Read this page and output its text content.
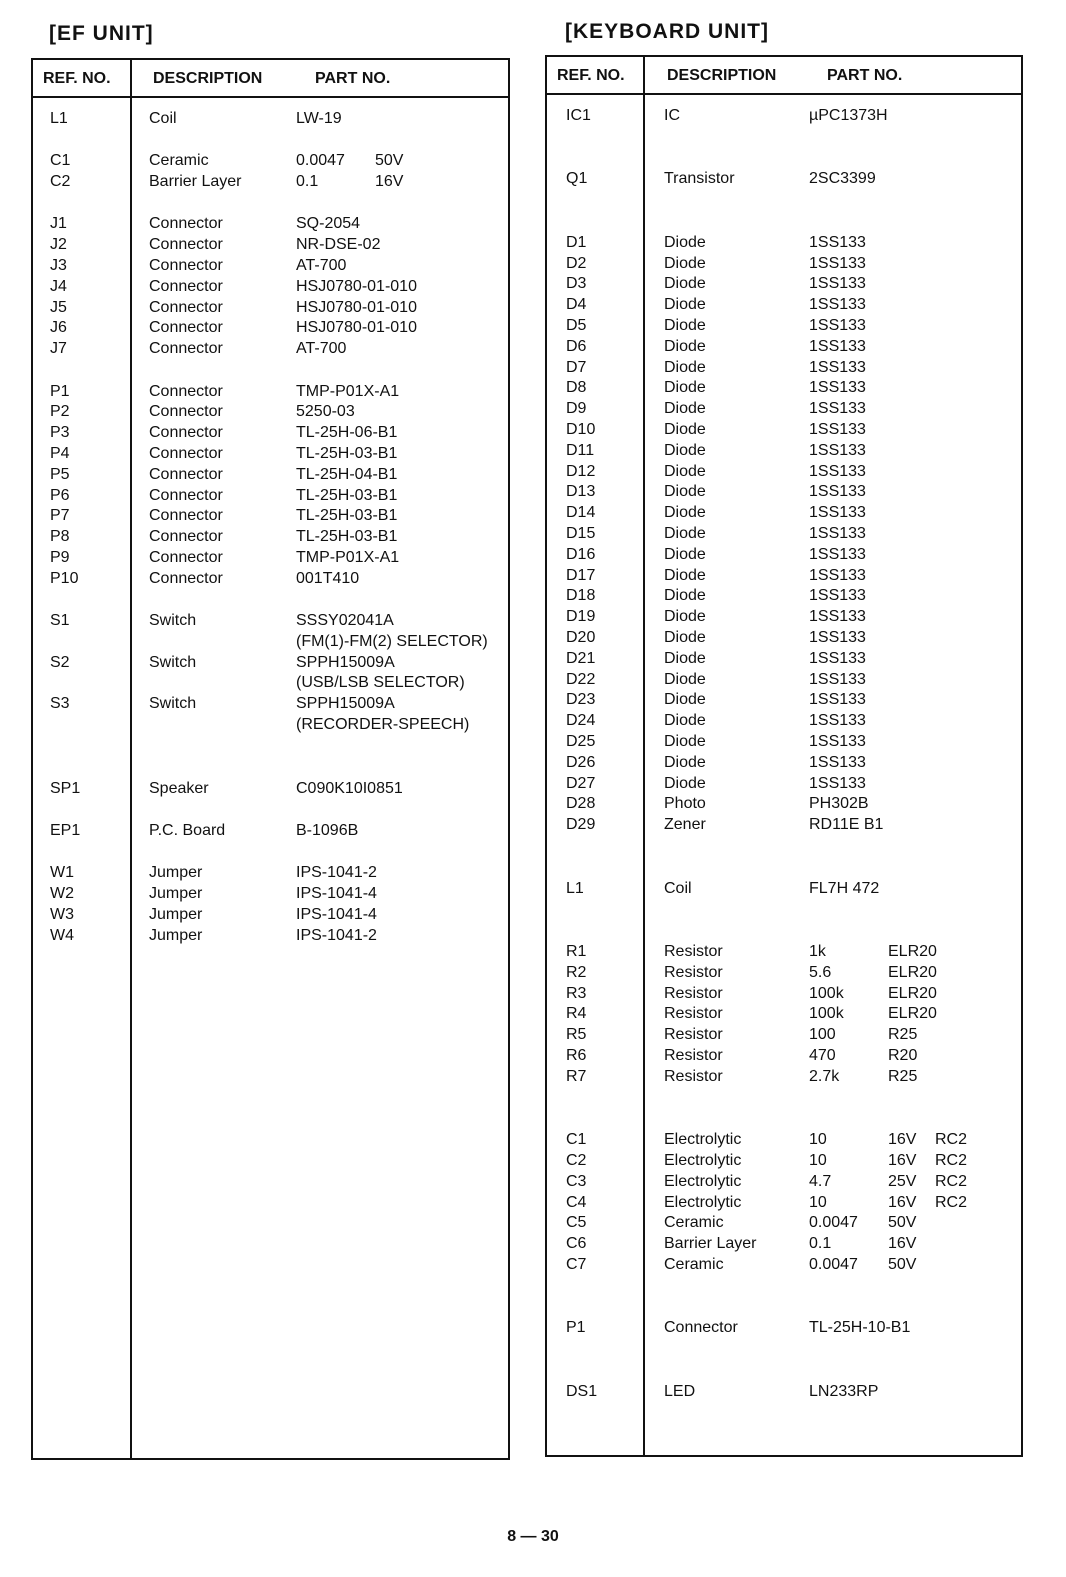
[EF UNIT]
REF. NO.	DESCRIPTION	PART NO.
L1	Coil	LW-19
C1	Ceramic	0.0047 50V
C2	Barrier Layer	0.1	16V
J1	Connector	SQ-2054
J2	Connector	NR-DSE-02
J3	Connector	AT-700
J4	Connector	HSJ0780-01-010
J5	Connector	HSJ0780-01-010
J6	Connector	HSJ0780-01-010
J7	Connector	AT-700
P1	Connector	TMP-P01X-A1
P2	Connector	5250-03
P3	Connector	TL-25H-06-B1
P4	Connector	TL-25H-03-B1
P5	Connector	TL-25H-04-B1
P6	Connector	TL-25H-03-B1
P7	Connector	TL-25H-03-B1
P8	Connector	TL-25H-03-B1
P9	Connector	TMP-P01X-A1
P10	Connector	001T410
S1	Switch	SSSY02041A
(FM(1)-FM(2) SELECTOR)
S2	Switch	SPPH15009A
(USB/LSB SELECTOR)
S3	Switch	SPPH15009A
(RECORDER-SPEECH)
SP1	Speaker	C090K10I0851
EP1	P.C. Board	B-1096B
W1	Jumper	IPS-1041-2
W2	Jumper	IPS-1041-4
W3	Jumper	IPS-1041-4
W4	Jumper	IPS-1041-2
[KEYBOARD UNIT]
REF. NO.	DESCRIPTION	PART NO.
IC1	IC	µPC1373H
Q1	Transistor	2SC3399
D1	Diode	1SS133
D2	Diode	1SS133
D3	Diode	1SS133
D4	Diode	1SS133
D5	Diode	1SS133
D6	Diode	1SS133
D7	Diode	1SS133
D8	Diode	1SS133
D9	Diode	1SS133
D10	Diode	1SS133
D11	Diode	1SS133
D12	Diode	1SS133
D13	Diode	1SS133
D14	Diode	1SS133
D15	Diode	1SS133
D16	Diode	1SS133
D17	Diode	1SS133
D18	Diode	1SS133
D19	Diode	1SS133
D20	Diode	1SS133
D21	Diode	1SS133
D22	Diode	1SS133
D23	Diode	1SS133
D24	Diode	1SS133
D25	Diode	1SS133
D26	Diode	1SS133
D27	Diode	1SS133
D28	Photo	PH302B
D29	Zener	RD11E B1
L1	Coil	FL7H 472
R1	Resistor	1k	ELR20
R2	Resistor	5.6	ELR20
R3	Resistor	100k	ELR20
R4	Resistor	100k	ELR20
R5	Resistor	100	R25
R6	Resistor	470	R20
R7	Resistor	2.7k	R25
C1	Electrolytic	10	16V RC2
C2	Electrolytic	10	16V RC2
C3	Electrolytic	4.7	25V RC2
C4	Electrolytic	10	16V RC2
C5	Ceramic	0.0047 50V
C6	Barrier Layer	0.1	16V
C7	Ceramic	0.0047 50V
P1	Connector	TL-25H-10-B1
DS1	LED	LN233RP
8 — 30
